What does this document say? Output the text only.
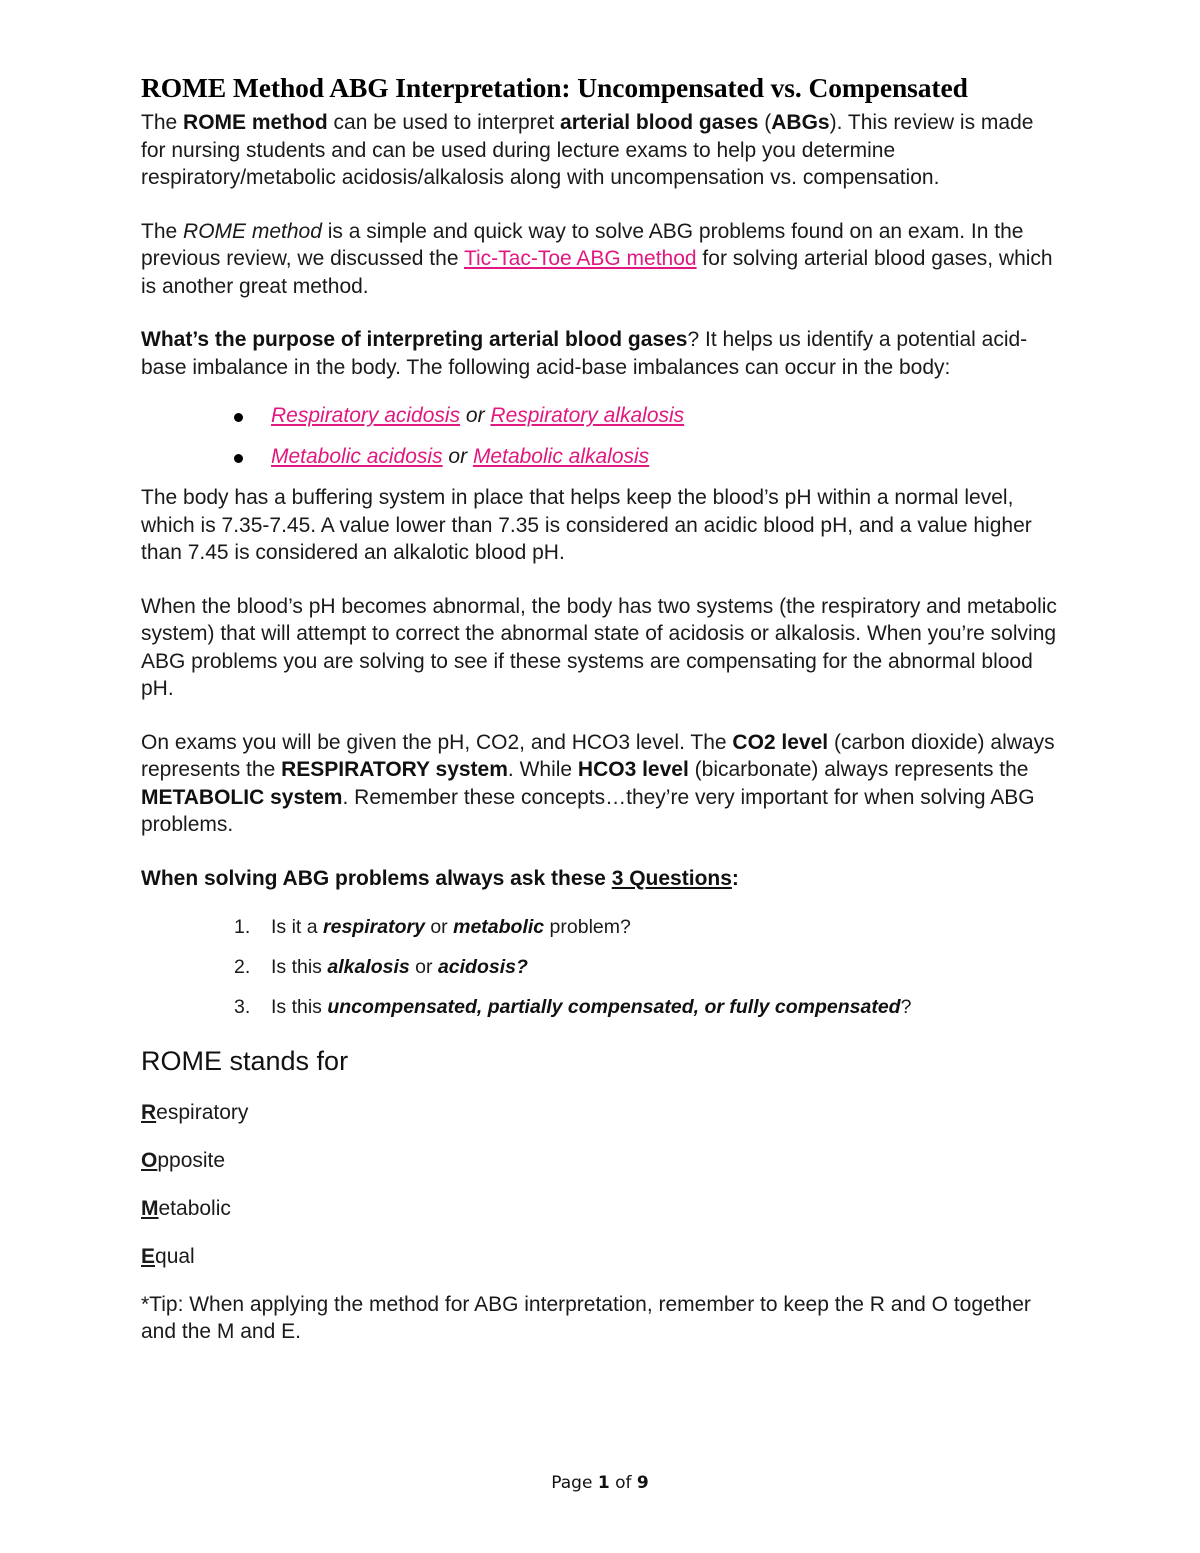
ROME Method ABG Interpretation: Uncompensated vs. Compensated

The ROME method can be used to interpret arterial blood gases (ABGs). This review is made for nursing students and can be used during lecture exams to help you determine respiratory/metabolic acidosis/alkalosis along with uncompensation vs. compensation.

The ROME method is a simple and quick way to solve ABG problems found on an exam. In the previous review, we discussed the Tic-Tac-Toe ABG method for solving arterial blood gases, which is another great method.

What’s the purpose of interpreting arterial blood gases? It helps us identify a potential acid-base imbalance in the body. The following acid-base imbalances can occur in the body:

Respiratory acidosis or Respiratory alkalosis
Metabolic acidosis or Metabolic alkalosis

The body has a buffering system in place that helps keep the blood’s pH within a normal level, which is 7.35-7.45. A value lower than 7.35 is considered an acidic blood pH, and a value higher than 7.45 is considered an alkalotic blood pH.

When the blood’s pH becomes abnormal, the body has two systems (the respiratory and metabolic system) that will attempt to correct the abnormal state of acidosis or alkalosis. When you’re solving ABG problems you are solving to see if these systems are compensating for the abnormal blood pH.

On exams you will be given the pH, CO2, and HCO3 level. The CO2 level (carbon dioxide) always represents the RESPIRATORY system. While HCO3 level (bicarbonate) always represents the METABOLIC system. Remember these concepts…they’re very important for when solving ABG problems.

When solving ABG problems always ask these 3 Questions:

1. Is it a respiratory or metabolic problem?
2. Is this alkalosis or acidosis?
3. Is this uncompensated, partially compensated, or fully compensated?
ROME stands for

Respiratory

Opposite

Metabolic

Equal

*Tip: When applying the method for ABG interpretation, remember to keep the R and O together and the M and E.

Page 1 of 9
